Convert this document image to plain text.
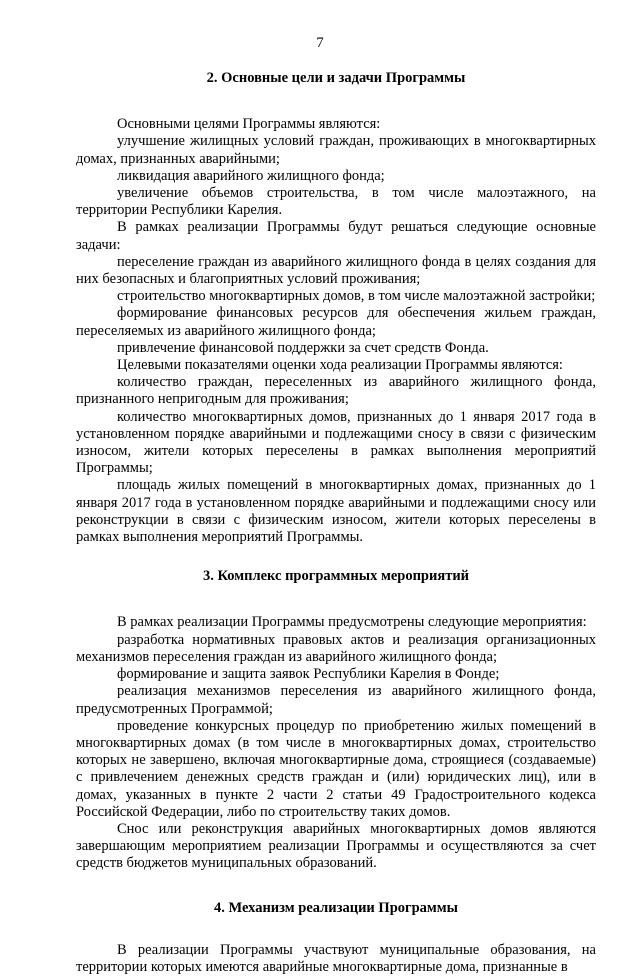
7

2. Основные цели и задачи Программы

Основными целями Программы являются:

улучшение жилищных условий граждан, проживающих в многоквартирных домах, признанных аварийными;

ликвидация аварийного жилищного фонда;

увеличение объемов строительства, в том числе малоэтажного, на территории Республики Карелия.

В рамках реализации Программы будут решаться следующие основные задачи:

переселение граждан из аварийного жилищного фонда в целях создания для них безопасных и благоприятных условий проживания;

строительство многоквартирных домов, в том числе малоэтажной застройки;

формирование финансовых ресурсов для обеспечения жильем граждан, переселяемых из аварийного жилищного фонда;

привлечение финансовой поддержки за счет средств Фонда.

Целевыми показателями оценки хода реализации Программы являются:

количество граждан, переселенных из аварийного жилищного фонда, признанного непригодным для проживания;

количество многоквартирных домов, признанных до 1 января 2017 года в установленном порядке аварийными и подлежащими сносу в связи с физическим износом, жители которых переселены в рамках выполнения мероприятий Программы;

площадь жилых помещений в многоквартирных домах, признанных до 1 января 2017 года в установленном порядке аварийными и подлежащими сносу или реконструкции в связи с физическим износом, жители которых переселены в рамках выполнения мероприятий Программы.

3. Комплекс программных мероприятий

В рамках реализации Программы предусмотрены следующие мероприятия:

разработка нормативных правовых актов и реализация организационных механизмов переселения граждан из аварийного жилищного фонда;

формирование и защита заявок Республики Карелия в Фонде;

реализация механизмов переселения из аварийного жилищного фонда, предусмотренных Программой;

проведение конкурсных процедур по приобретению жилых помещений в многоквартирных домах (в том числе в многоквартирных домах, строительство которых не завершено, включая многоквартирные дома, строящиеся (создаваемые) с привлечением денежных средств граждан и (или) юридических лиц), или в домах, указанных в пункте 2 части 2 статьи 49 Градостроительного кодекса Российской Федерации, либо по строительству таких домов.

Снос или реконструкция аварийных многоквартирных домов являются завершающим мероприятием реализации Программы и осуществляются за счет средств бюджетов муниципальных образований.

4. Механизм реализации Программы

В реализации Программы участвуют муниципальные образования, на территории которых имеются аварийные многоквартирные дома, признанные в
